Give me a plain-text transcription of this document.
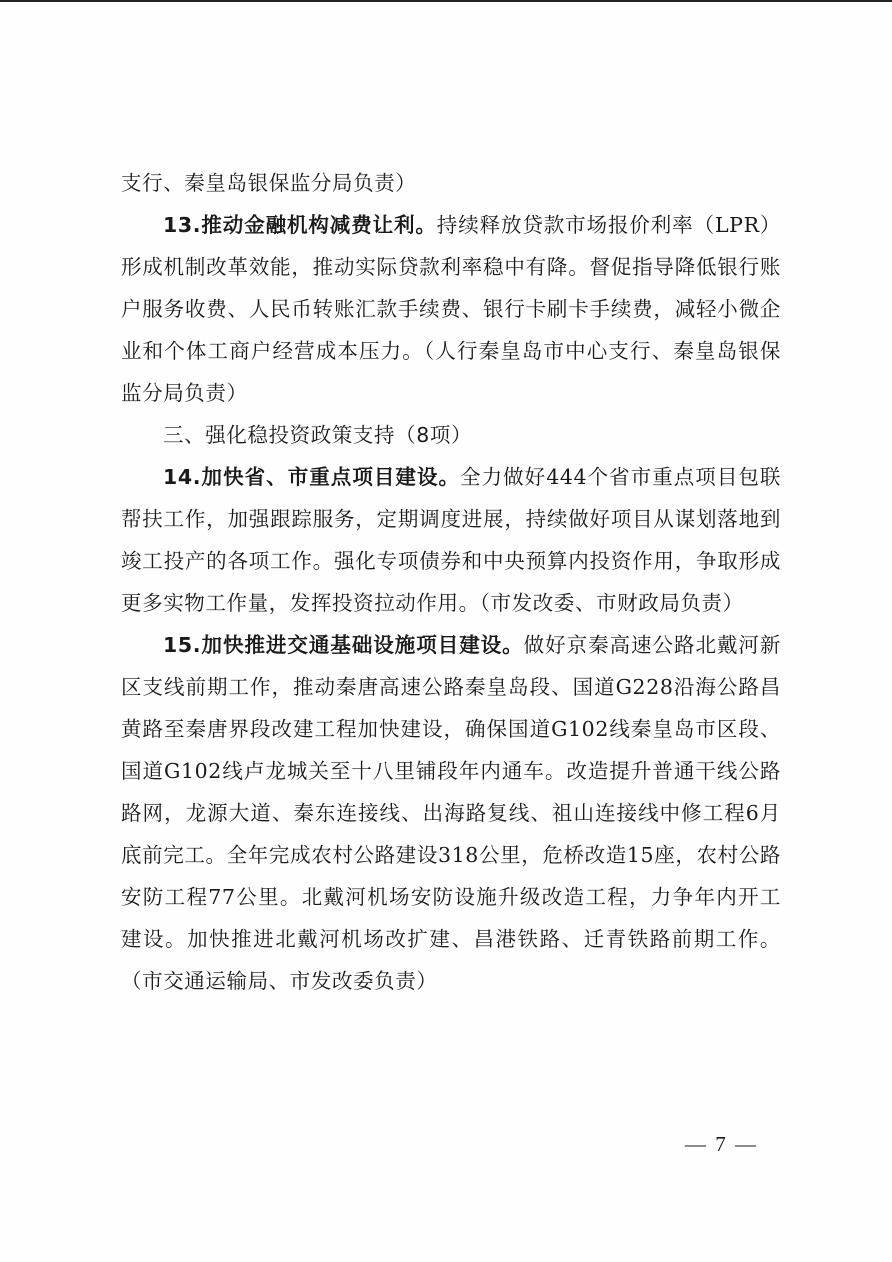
支行、秦皇岛银保监分局负责）

13.推动金融机构减费让利。持续释放贷款市场报价利率（LPR）形成机制改革效能，推动实际贷款利率稳中有降。督促指导降低银行账户服务收费、人民币转账汇款手续费、银行卡刷卡手续费，减轻小微企业和个体工商户经营成本压力。（人行秦皇岛市中心支行、秦皇岛银保监分局负责）

三、强化稳投资政策支持（8项）

14.加快省、市重点项目建设。全力做好444个省市重点项目包联帮扶工作，加强跟踪服务，定期调度进展，持续做好项目从谋划落地到竣工投产的各项工作。强化专项债券和中央预算内投资作用，争取形成更多实物工作量，发挥投资拉动作用。（市发改委、市财政局负责）

15.加快推进交通基础设施项目建设。做好京秦高速公路北戴河新区支线前期工作，推动秦唐高速公路秦皇岛段、国道G228沿海公路昌黄路至秦唐界段改建工程加快建设，确保国道G102线秦皇岛市区段、国道G102线卢龙城关至十八里铺段年内通车。改造提升普通干线公路路网，龙源大道、秦东连接线、出海路复线、祖山连接线中修工程6月底前完工。全年完成农村公路建设318公里，危桥改造15座，农村公路安防工程77公里。北戴河机场安防设施升级改造工程，力争年内开工建设。加快推进北戴河机场改扩建、昌港铁路、迁青铁路前期工作。（市交通运输局、市发改委负责）

— 7 —
